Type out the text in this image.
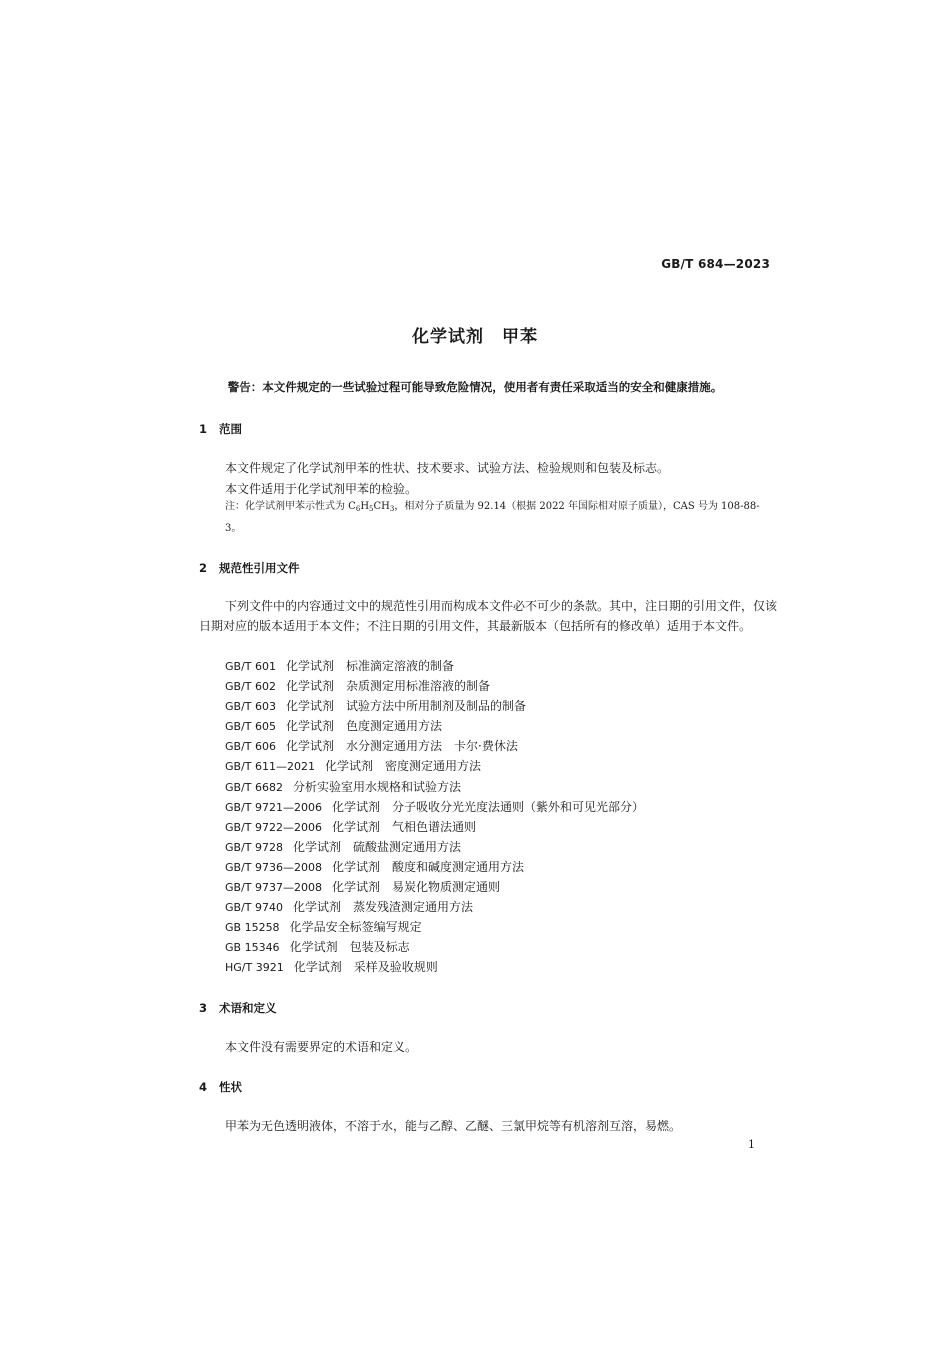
GB/T 684—2023
化学试剂　甲苯
警告：本文件规定的一些试验过程可能导致危险情况，使用者有责任采取适当的安全和健康措施。
1 范围
本文件规定了化学试剂甲苯的性状、技术要求、试验方法、检验规则和包装及标志。
本文件适用于化学试剂甲苯的检验。
注：化学试剂甲苯示性式为 $C_6H_5CH_3$，相对分子质量为 92.14（根据 2022 年国际相对原子质量），CAS 号为 108-88-3。
2 规范性引用文件
下列文件中的内容通过文中的规范性引用而构成本文件必不可少的条款。其中，注日期的引用文件，仅该日期对应的版本适用于本文件；不注日期的引用文件，其最新版本（包括所有的修改单）适用于本文件。
GB/T 601 化学试剂　标准滴定溶液的制备
GB/T 602 化学试剂　杂质测定用标准溶液的制备
GB/T 603 化学试剂　试验方法中所用制剂及制品的制备
GB/T 605 化学试剂　色度测定通用方法
GB/T 606 化学试剂　水分测定通用方法　卡尔·费休法
GB/T 611—2021 化学试剂　密度测定通用方法
GB/T 6682 分析实验室用水规格和试验方法
GB/T 9721—2006 化学试剂　分子吸收分光光度法通则（紫外和可见光部分）
GB/T 9722—2006 化学试剂　气相色谱法通则
GB/T 9728 化学试剂　硫酸盐测定通用方法
GB/T 9736—2008 化学试剂　酸度和碱度测定通用方法
GB/T 9737—2008 化学试剂　易炭化物质测定通则
GB/T 9740 化学试剂　蒸发残渣测定通用方法
GB 15258 化学品安全标签编写规定
GB 15346 化学试剂　包装及标志
HG/T 3921 化学试剂　采样及验收规则
3 术语和定义
本文件没有需要界定的术语和定义。
4 性状
甲苯为无色透明液体，不溶于水，能与乙醇、乙醚、三氯甲烷等有机溶剂互溶，易燃。
1
